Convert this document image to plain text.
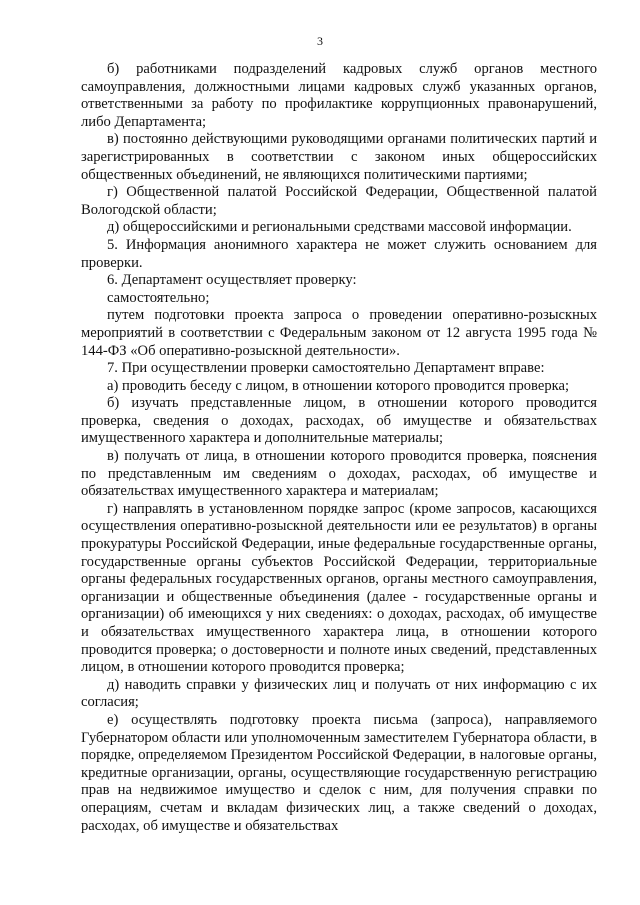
3

б) работниками подразделений кадровых служб органов местного самоуправления, должностными лицами кадровых служб указанных органов, ответственными за работу по профилактике коррупционных правонарушений, либо Департамента;

в) постоянно действующими руководящими органами политических партий и зарегистрированных в соответствии с законом иных общероссийских общественных объединений, не являющихся политическими партиями;

г) Общественной палатой Российской Федерации, Общественной палатой Вологодской области;

д) общероссийскими и региональными средствами массовой информации.

5. Информация анонимного характера не может служить основанием для проверки.

6. Департамент осуществляет проверку:

самостоятельно;

путем подготовки проекта запроса о проведении оперативно-розыскных мероприятий в соответствии с Федеральным законом от 12 августа 1995 года № 144-ФЗ «Об оперативно-розыскной деятельности».

7. При осуществлении проверки самостоятельно Департамент вправе:

а) проводить беседу с лицом, в отношении которого проводится проверка;

б) изучать представленные лицом, в отношении которого проводится проверка, сведения о доходах, расходах, об имуществе и обязательствах имущественного характера и дополнительные материалы;

в) получать от лица, в отношении которого проводится проверка, пояснения по представленным им сведениям о доходах, расходах, об имуществе и обязательствах имущественного характера и материалам;

г) направлять в установленном порядке запрос (кроме запросов, касающихся осуществления оперативно-розыскной деятельности или ее результатов) в органы прокуратуры Российской Федерации, иные федеральные государственные органы, государственные органы субъектов Российской Федерации, территориальные органы федеральных государственных органов, органы местного самоуправления, организации и общественные объединения (далее - государственные органы и организации) об имеющихся у них сведениях: о доходах, расходах, об имуществе и обязательствах имущественного характера лица, в отношении которого проводится проверка; о достоверности и полноте иных сведений, представленных лицом, в отношении которого проводится проверка;

д) наводить справки у физических лиц и получать от них информацию с их согласия;

е) осуществлять подготовку проекта письма (запроса), направляемого Губернатором области или уполномоченным заместителем Губернатора области, в порядке, определяемом Президентом Российской Федерации, в налоговые органы, кредитные организации, органы, осуществляющие государственную регистрацию прав на недвижимое имущество и сделок с ним, для получения справки по операциям, счетам и вкладам физических лиц, а также сведений о доходах, расходах, об имуществе и обязательствах
